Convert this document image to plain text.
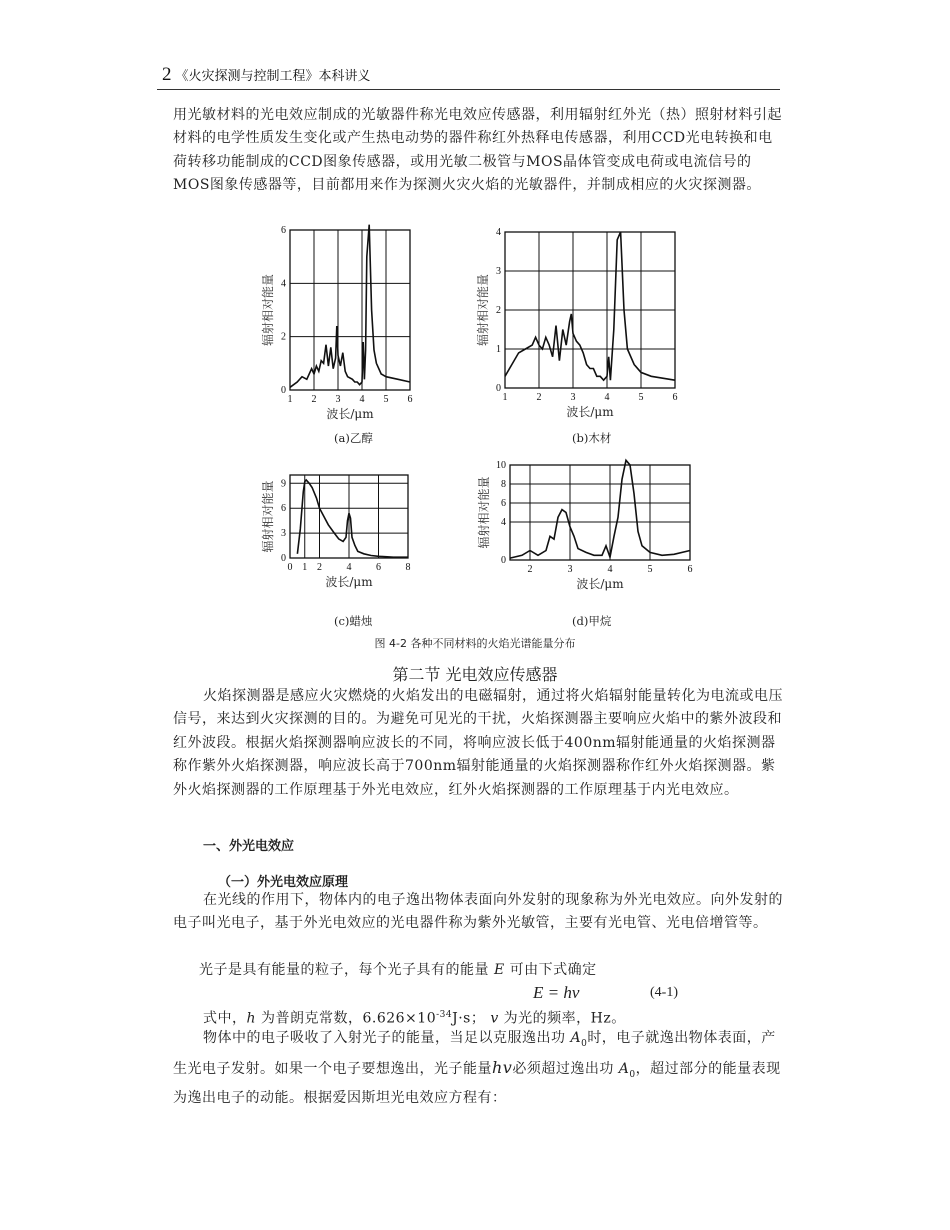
2 《火灾探测与控制工程》本科讲义

用光敏材料的光电效应制成的光敏器件称光电效应传感器，利用辐射红外光（热）照射材料引起材料的电学性质发生变化或产生热电动势的器件称红外热释电传感器，利用CCD光电转换和电荷转移功能制成的CCD图象传感器，或用光敏二极管与MOS晶体管变成电荷或电流信号的MOS图象传感器等，目前都用来作为探测火灾火焰的光敏器件，并制成相应的火灾探测器。

1 2 3 4 5 6
0
2
4
6
波长/μm
辐射相对能量
1	2	3	4	5	6
0
1
2
3
4
波长/μm
辐射相对能量
0 1 2 4 6 8
0
3
6
9
波长/μm
辐射相对能量
2	3	4	5	6
0
4
6
8
10
波长/μm
辐射相对能量
(a)乙醇	(b)木材
(c)蜡烛	(d)甲烷
图 4-2 各种不同材料的火焰光谱能量分布
第二节 光电效应传感器

火焰探测器是感应火灾燃烧的火焰发出的电磁辐射，通过将火焰辐射能量转化为电流或电压信号，来达到火灾探测的目的。为避免可见光的干扰，火焰探测器主要响应火焰中的紫外波段和红外波段。根据火焰探测器响应波长的不同，将响应波长低于400nm辐射能通量的火焰探测器称作紫外火焰探测器，响应波长高于700nm辐射能通量的火焰探测器称作红外火焰探测器。紫外火焰探测器的工作原理基于外光电效应，红外火焰探测器的工作原理基于内光电效应。

一、外光电效应
（一）外光电效应原理

在光线的作用下，物体内的电子逸出物体表面向外发射的现象称为外光电效应。向外发射的电子叫光电子，基于外光电效应的光电器件称为紫外光敏管，主要有光电管、光电倍增管等。

光子是具有能量的粒子，每个光子具有的能量 E 可由下式确定

E = hv	(4-1)

式中，h 为普朗克常数，$6.626\times 10^{-34}J\cdot s$； v 为光的频率，Hz。

物体中的电子吸收了入射光子的能量，当足以克服逸出功 $A_0$时，电子就逸出物体表面，产生光电子发射。如果一个电子要想逸出，光子能量hv必须超过逸出功 $A_0$，超过部分的能量表现为逸出电子的动能。根据爱因斯坦光电效应方程有：
